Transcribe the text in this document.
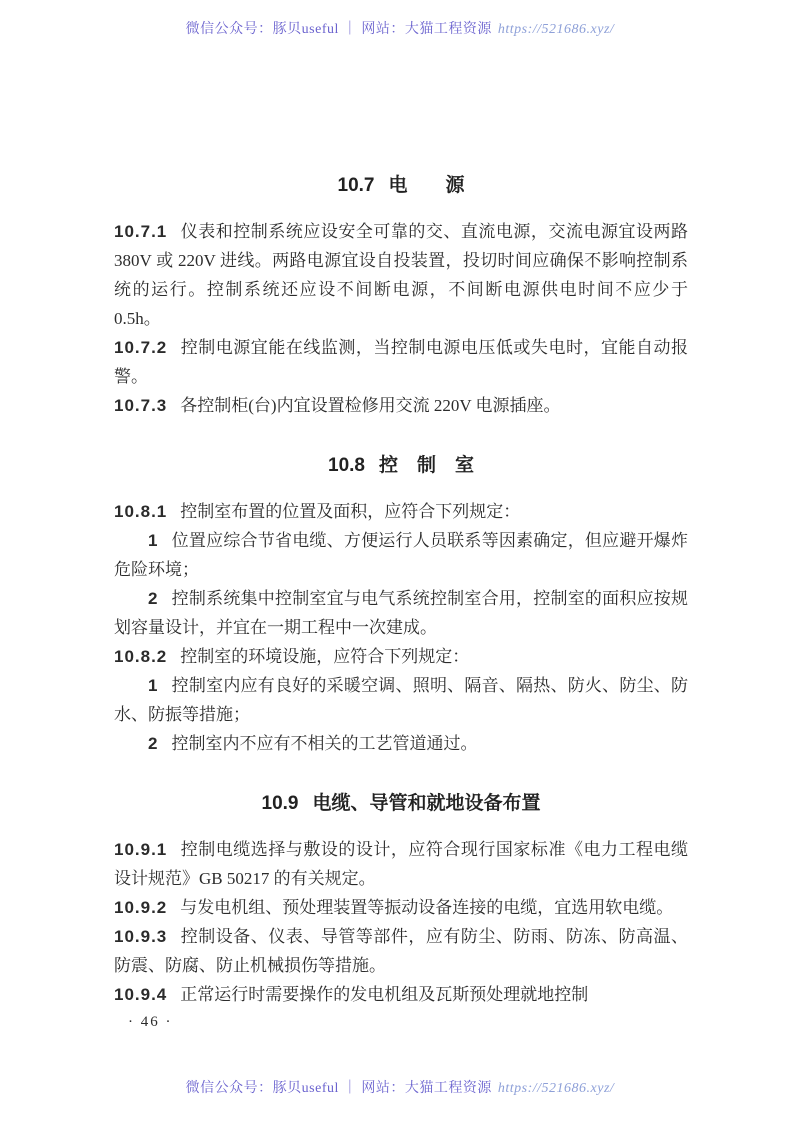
微信公众号：豚贝useful ｜ 网站：大猫工程资源 https://521686.xyz/
10.7 电　　源

10.7.1 仪表和控制系统应设安全可靠的交、直流电源，交流电源宜设两路 380V 或 220V 进线。两路电源宜设自投装置，投切时间应确保不影响控制系统的运行。控制系统还应设不间断电源，不间断电源供电时间不应少于 0.5h。

10.7.2 控制电源宜能在线监测，当控制电源电压低或失电时，宜能自动报警。

10.7.3 各控制柜(台)内宜设置检修用交流 220V 电源插座。

10.8 控　制　室

10.8.1 控制室布置的位置及面积，应符合下列规定：

1 位置应综合节省电缆、方便运行人员联系等因素确定，但应避开爆炸危险环境；

2 控制系统集中控制室宜与电气系统控制室合用，控制室的面积应按规划容量设计，并宜在一期工程中一次建成。

10.8.2 控制室的环境设施，应符合下列规定：

1 控制室内应有良好的采暖空调、照明、隔音、隔热、防火、防尘、防水、防振等措施；

2 控制室内不应有不相关的工艺管道通过。

10.9 电缆、导管和就地设备布置

10.9.1 控制电缆选择与敷设的设计，应符合现行国家标准《电力工程电缆设计规范》GB 50217 的有关规定。

10.9.2 与发电机组、预处理装置等振动设备连接的电缆，宜选用软电缆。

10.9.3 控制设备、仪表、导管等部件，应有防尘、防雨、防冻、防高温、防震、防腐、防止机械损伤等措施。

10.9.4 正常运行时需要操作的发电机组及瓦斯预处理就地控制

· 46 ·
微信公众号：豚贝useful ｜ 网站：大猫工程资源 https://521686.xyz/
